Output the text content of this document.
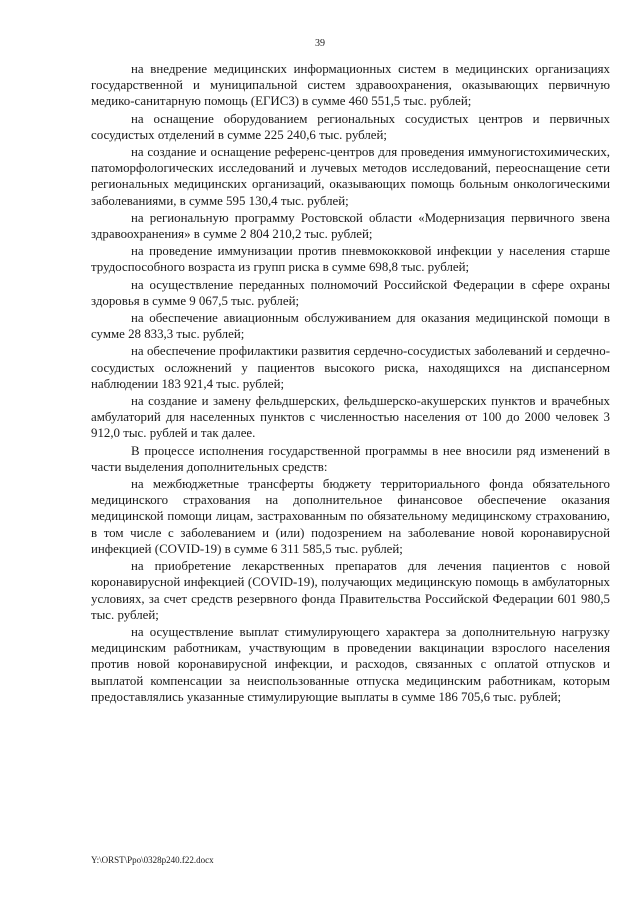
39

на внедрение медицинских информационных систем в медицинских организациях государственной и муниципальной систем здравоохранения, оказывающих первичную медико-санитарную помощь (ЕГИСЗ) в сумме 460 551,5 тыс. рублей;

на оснащение оборудованием региональных сосудистых центров и первичных сосудистых отделений в сумме 225 240,6 тыс. рублей;

на создание и оснащение референс-центров для проведения иммуногистохимических, патоморфологических исследований и лучевых методов исследований, переоснащение сети региональных медицинских организаций, оказывающих помощь больным онкологическими заболеваниями, в сумме 595 130,4 тыс. рублей;

на региональную программу Ростовской области «Модернизация первичного звена здравоохранения» в сумме 2 804 210,2 тыс. рублей;

на проведение иммунизации против пневмококковой инфекции у населения старше трудоспособного возраста из групп риска в сумме 698,8 тыс. рублей;

на осуществление переданных полномочий Российской Федерации в сфере охраны здоровья в сумме 9 067,5 тыс. рублей;

на обеспечение авиационным обслуживанием для оказания медицинской помощи в сумме 28 833,3 тыс. рублей;

на обеспечение профилактики развития сердечно-сосудистых заболеваний и сердечно-сосудистых осложнений у пациентов высокого риска, находящихся на диспансерном наблюдении 183 921,4 тыс. рублей;

на создание и замену фельдшерских, фельдшерско-акушерских пунктов и врачебных амбулаторий для населенных пунктов с численностью населения от 100 до 2000 человек 3 912,0 тыс. рублей и так далее.

В процессе исполнения государственной программы в нее вносили ряд изменений в части выделения дополнительных средств:

на межбюджетные трансферты бюджету территориального фонда обязательного медицинского страхования на дополнительное финансовое обеспечение оказания медицинской помощи лицам, застрахованным по обязательному медицинскому страхованию, в том числе с заболеванием и (или) подозрением на заболевание новой коронавирусной инфекцией (COVID-19) в сумме 6 311 585,5 тыс. рублей;

на приобретение лекарственных препаратов для лечения пациентов с новой коронавирусной инфекцией (COVID-19), получающих медицинскую помощь в амбулаторных условиях, за счет средств резервного фонда Правительства Российской Федерации 601 980,5 тыс. рублей;

на осуществление выплат стимулирующего характера за дополнительную нагрузку медицинским работникам, участвующим в проведении вакцинации взрослого населения против новой коронавирусной инфекции, и расходов, связанных с оплатой отпусков и выплатой компенсации за неиспользованные отпуска медицинским работникам, которым предоставлялись указанные стимулирующие выплаты в сумме 186 705,6 тыс. рублей;

Y:\ORST\Ppo\0328p240.f22.docx
